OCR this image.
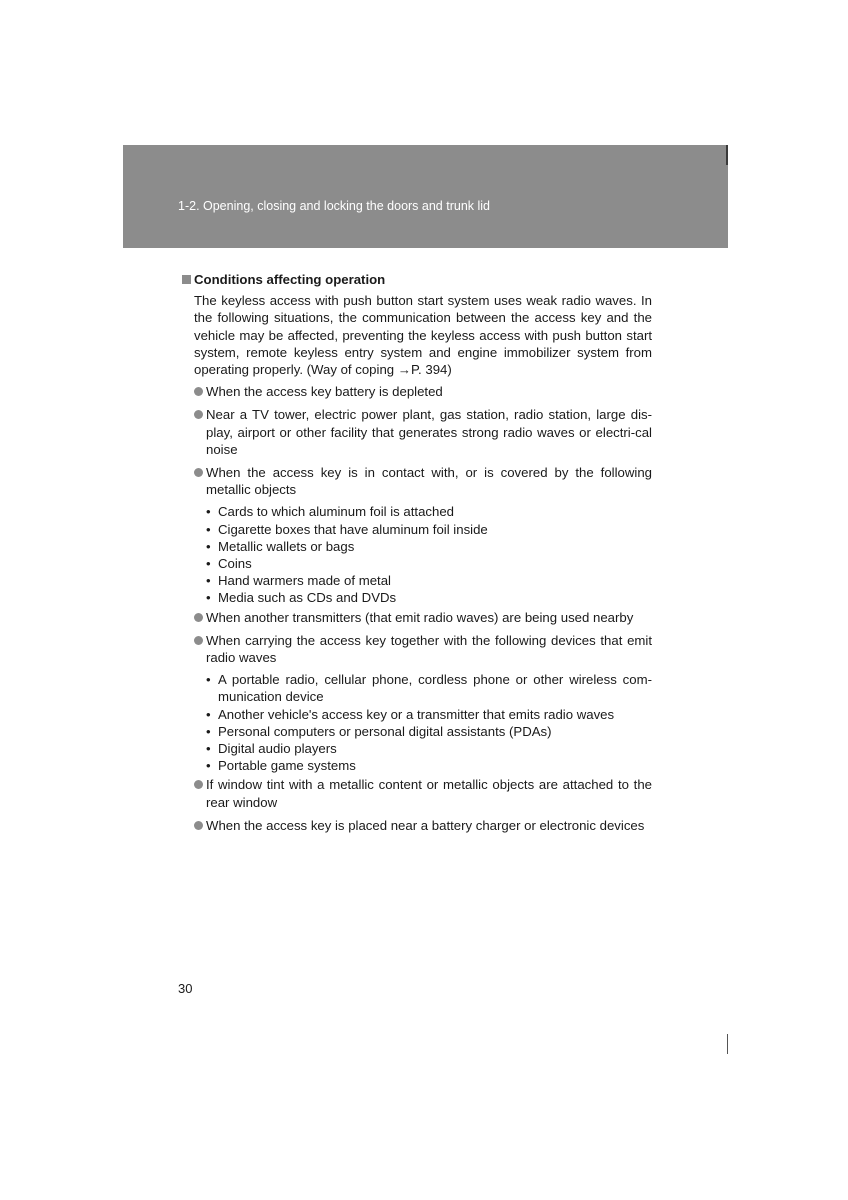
1-2. Opening, closing and locking the doors and trunk lid
Conditions affecting operation

The keyless access with push button start system uses weak radio waves. In the following situations, the communication between the access key and the vehicle may be affected, preventing the keyless access with push button start system, remote keyless entry system and engine immobilizer system from operating properly. (Way of coping →P. 394)

When the access key battery is depleted
Near a TV tower, electric power plant, gas station, radio station, large dis-play, airport or other facility that generates strong radio waves or electri-cal noise
When the access key is in contact with, or is covered by the following metallic objects
• Cards to which aluminum foil is attached
• Cigarette boxes that have aluminum foil inside
• Metallic wallets or bags
• Coins
• Hand warmers made of metal
• Media such as CDs and DVDs
When another transmitters (that emit radio waves) are being used nearby
When carrying the access key together with the following devices that emit radio waves
• A portable radio, cellular phone, cordless phone or other wireless com-munication device
• Another vehicle's access key or a transmitter that emits radio waves
• Personal computers or personal digital assistants (PDAs)
• Digital audio players
• Portable game systems
If window tint with a metallic content or metallic objects are attached to the rear window
When the access key is placed near a battery charger or electronic devices
30
